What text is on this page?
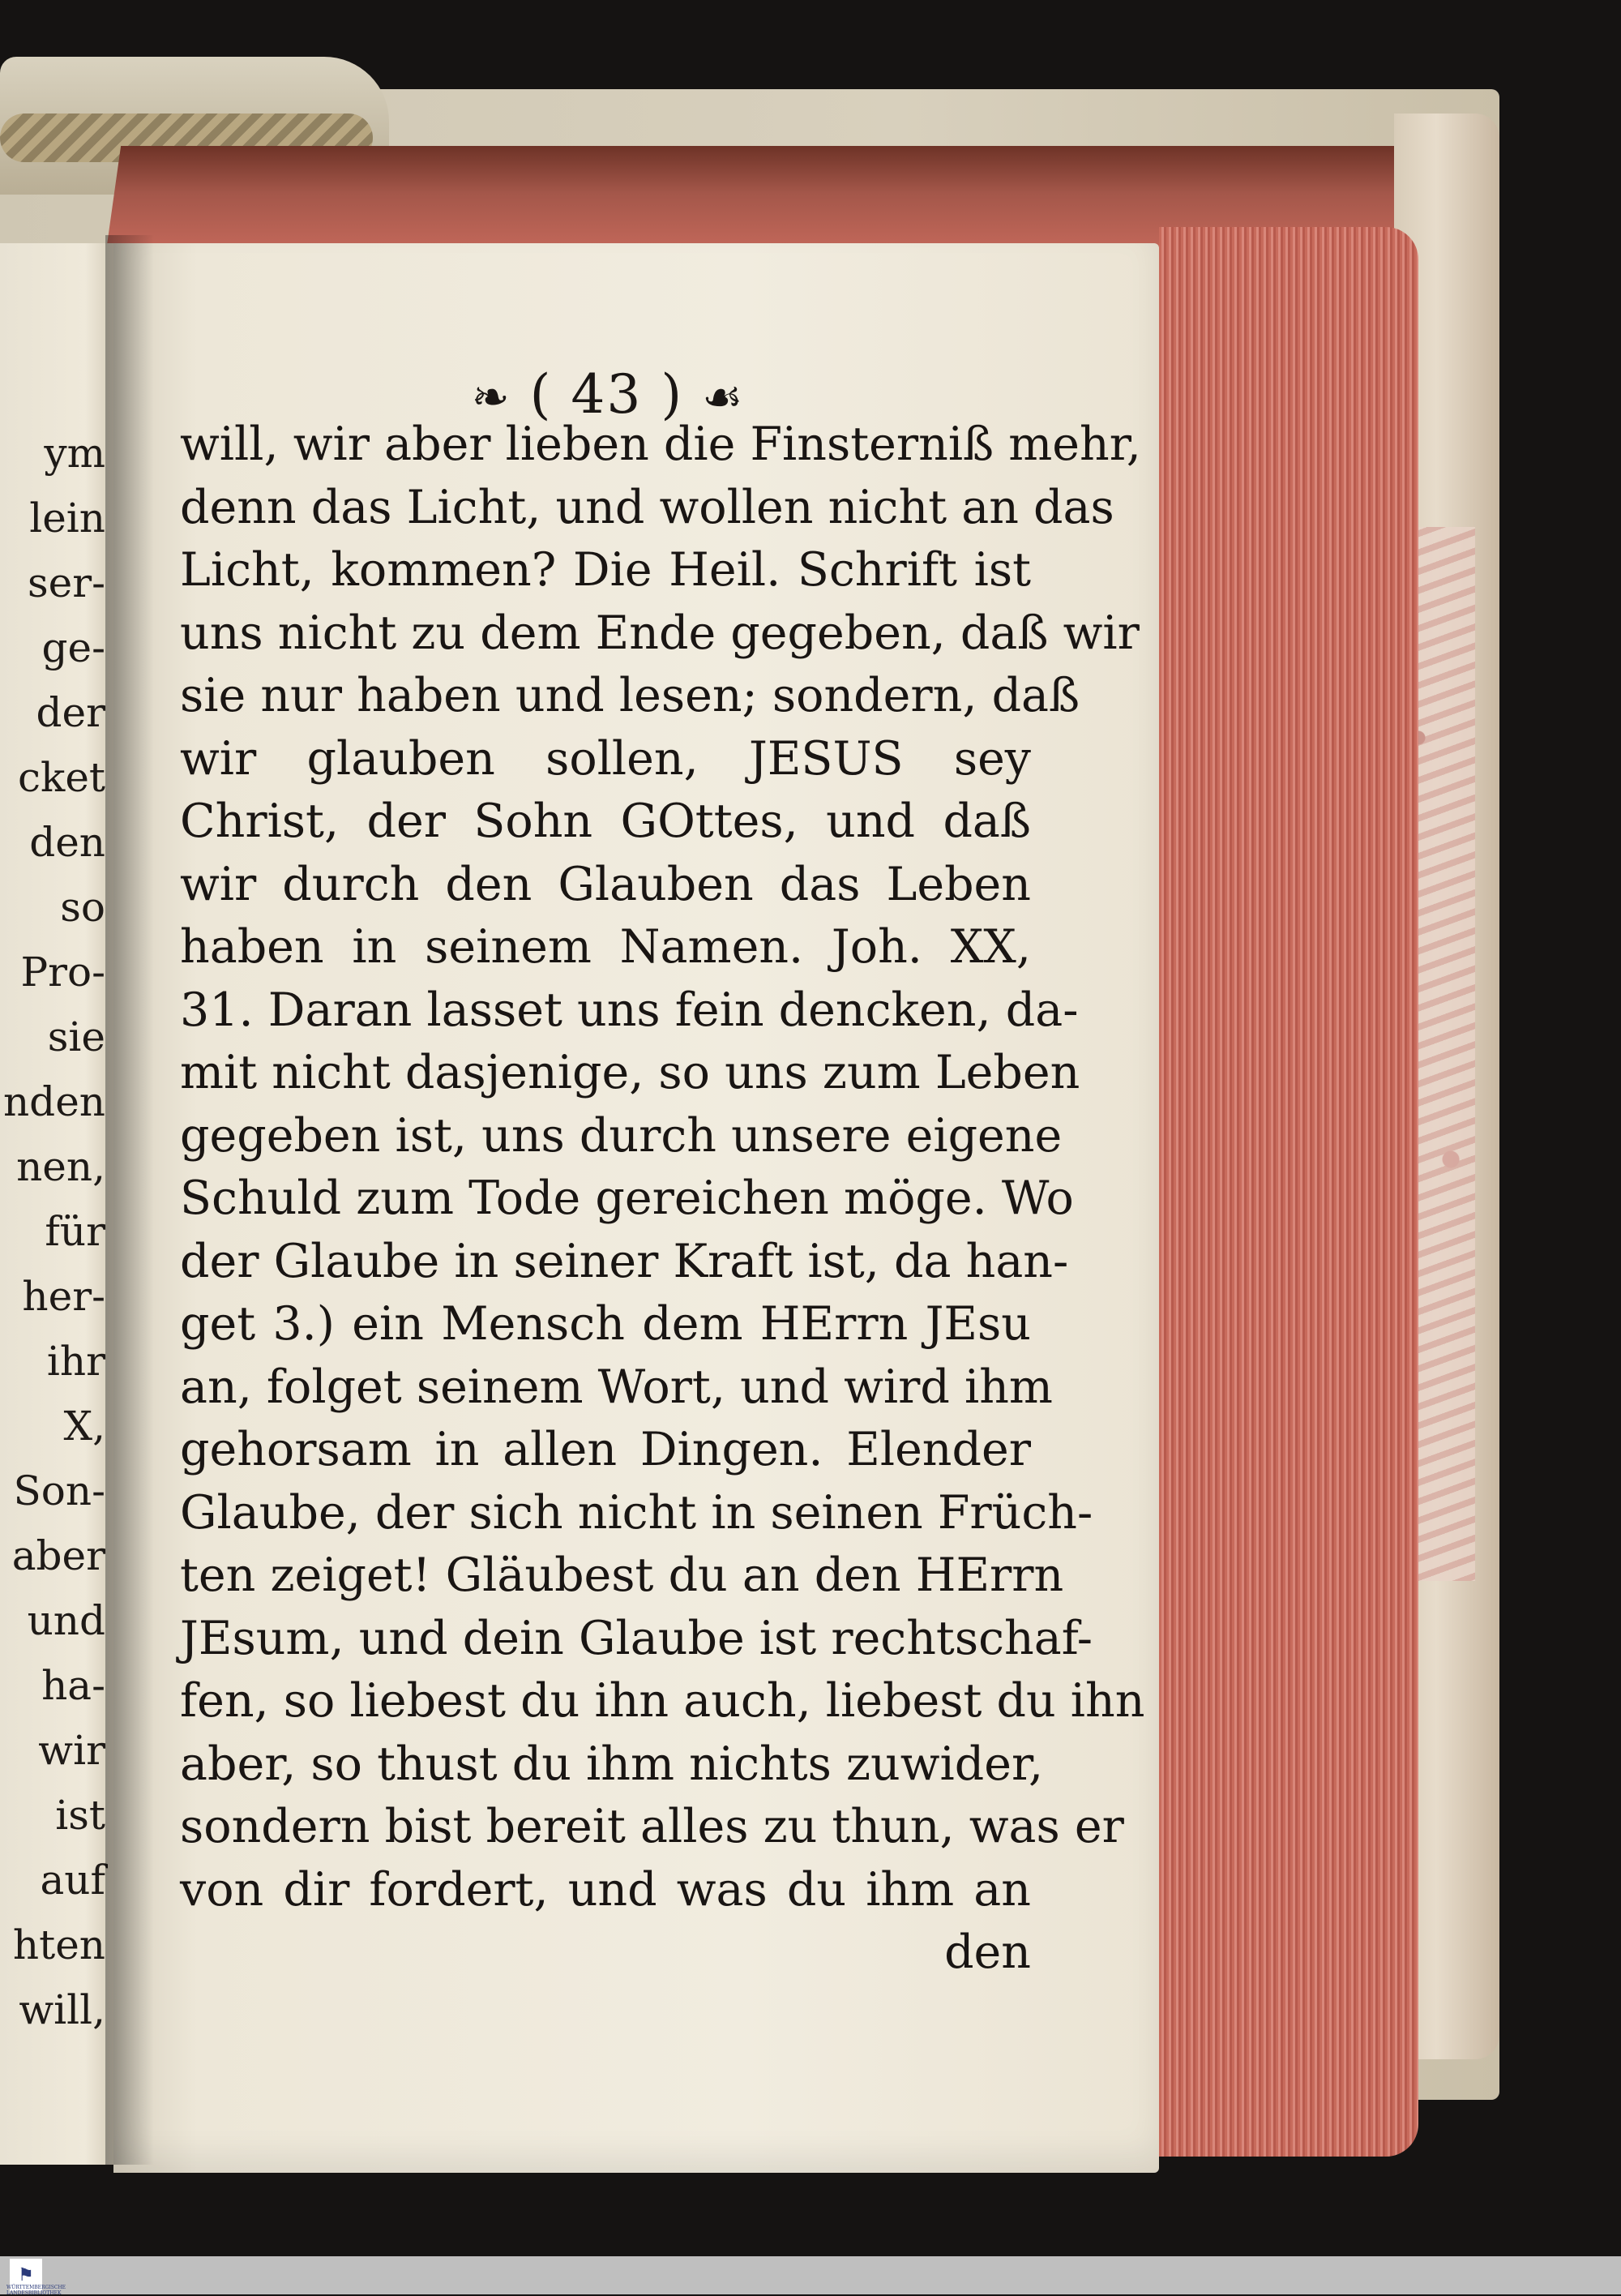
ym
lein
ser-
ge-
der
cket
den
so
Pro-
sie
nden
nen,
für
her-
ihr
X,
Son-
aber
und
ha-
wir
ist
auf
hten
will,
❧ ( 43 ) ☙
will, wir aber lieben die Finsterniß mehr,
denn das Licht, und wollen nicht an das
Licht, kommen? Die Heil. Schrift ist
uns nicht zu dem Ende gegeben, daß wir
sie nur haben und lesen; sondern, daß
wir glauben sollen, JESUS sey
Christ, der Sohn GOttes, und daß
wir durch den Glauben das Leben
haben in seinem Namen. Joh. XX,
31. Daran lasset uns fein dencken, da-
mit nicht dasjenige, so uns zum Leben
gegeben ist, uns durch unsere eigene
Schuld zum Tode gereichen möge. Wo
der Glaube in seiner Kraft ist, da han-
get 3.) ein Mensch dem HErrn JEsu
an, folget seinem Wort, und wird ihm
gehorsam in allen Dingen. Elender
Glaube, der sich nicht in seinen Früch-
ten zeiget! Gläubest du an den HErrn
JEsum, und dein Glaube ist rechtschaf-
fen, so liebest du ihn auch, liebest du ihn
aber, so thust du ihm nichts zuwider,
sondern bist bereit alles zu thun, was er
von dir fordert, und was du ihm an
den
⚑
WÜRTTEMBERGISCHE LANDESBIBLIOTHEK
